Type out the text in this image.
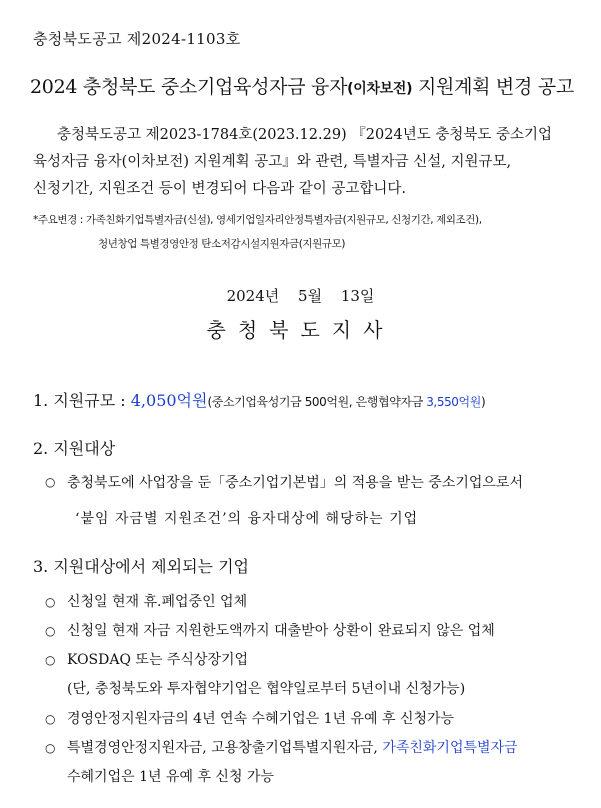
충청북도공고 제2024-1103호
2024 충청북도 중소기업육성자금 융자(이차보전) 지원계획 변경 공고
충청북도공고 제2023-1784호(2023.12.29) 『2024년도 충청북도 중소기업
육성자금 융자(이차보전) 지원계획 공고』와 관련, 특별자금 신설, 지원규모,
신청기간, 지원조건 등이 변경되어 다음과 같이 공고합니다.
*주요변경 : 가족친화기업특별자금(신설), 영세기업일자리안정특별자금(지원규모, 신청기간, 제외조건),
청년창업 특별경영안정 탄소저감시설지원자금(지원규모)
2024년 5월 13일
충청북도지사
1. 지원규모 : 4,050억원(중소기업육성기금 500억원, 은행협약자금 3,550억원)
2. 지원대상
○ 충청북도에 사업장을 둔「중소기업기본법」의 적용을 받는 중소기업으로서
‘붙임 자금별 지원조건’의 융자대상에 해당하는 기업
3. 지원대상에서 제외되는 기업
○ 신청일 현재 휴.폐업중인 업체
○ 신청일 현재 자금 지원한도액까지 대출받아 상환이 완료되지 않은 업체
○ KOSDAQ 또는 주식상장기업
(단, 충청북도와 투자협약기업은 협약일로부터 5년이내 신청가능)
○ 경영안정지원자금의 4년 연속 수혜기업은 1년 유예 후 신청가능
○ 특별경영안정지원자금, 고용창출기업특별지원자금, 가족친화기업특별자금
수혜기업은 1년 유예 후 신청 가능
